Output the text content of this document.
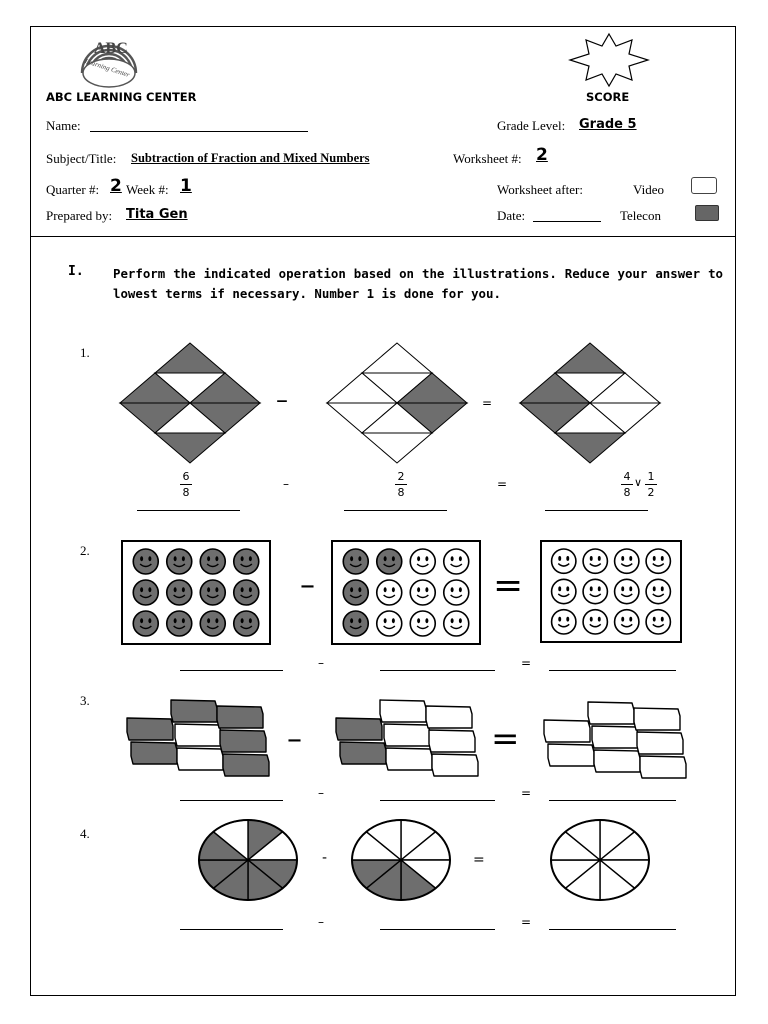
ABC
Learning Center
ABC LEARNING CENTER	SCORE
Name:	Grade Level: Grade 5
Subject/Title: Subtraction of Fraction and Mixed Numbers	Worksheet #: 2
Quarter #: 2 Week #: 1	Worksheet after:	Video
Prepared by: Tita Gen	Date:	Telecon
I. Perform the indicated operation based on the illustrations. Reduce your answer to lowest terms if necessary. Number 1 is done for you.
1.
–	=
6
8
–
2
8
=
4
8
∨ 1
2
2.
–	=
–	=
3.
–	=
–	=
4.
-	=
–	=
